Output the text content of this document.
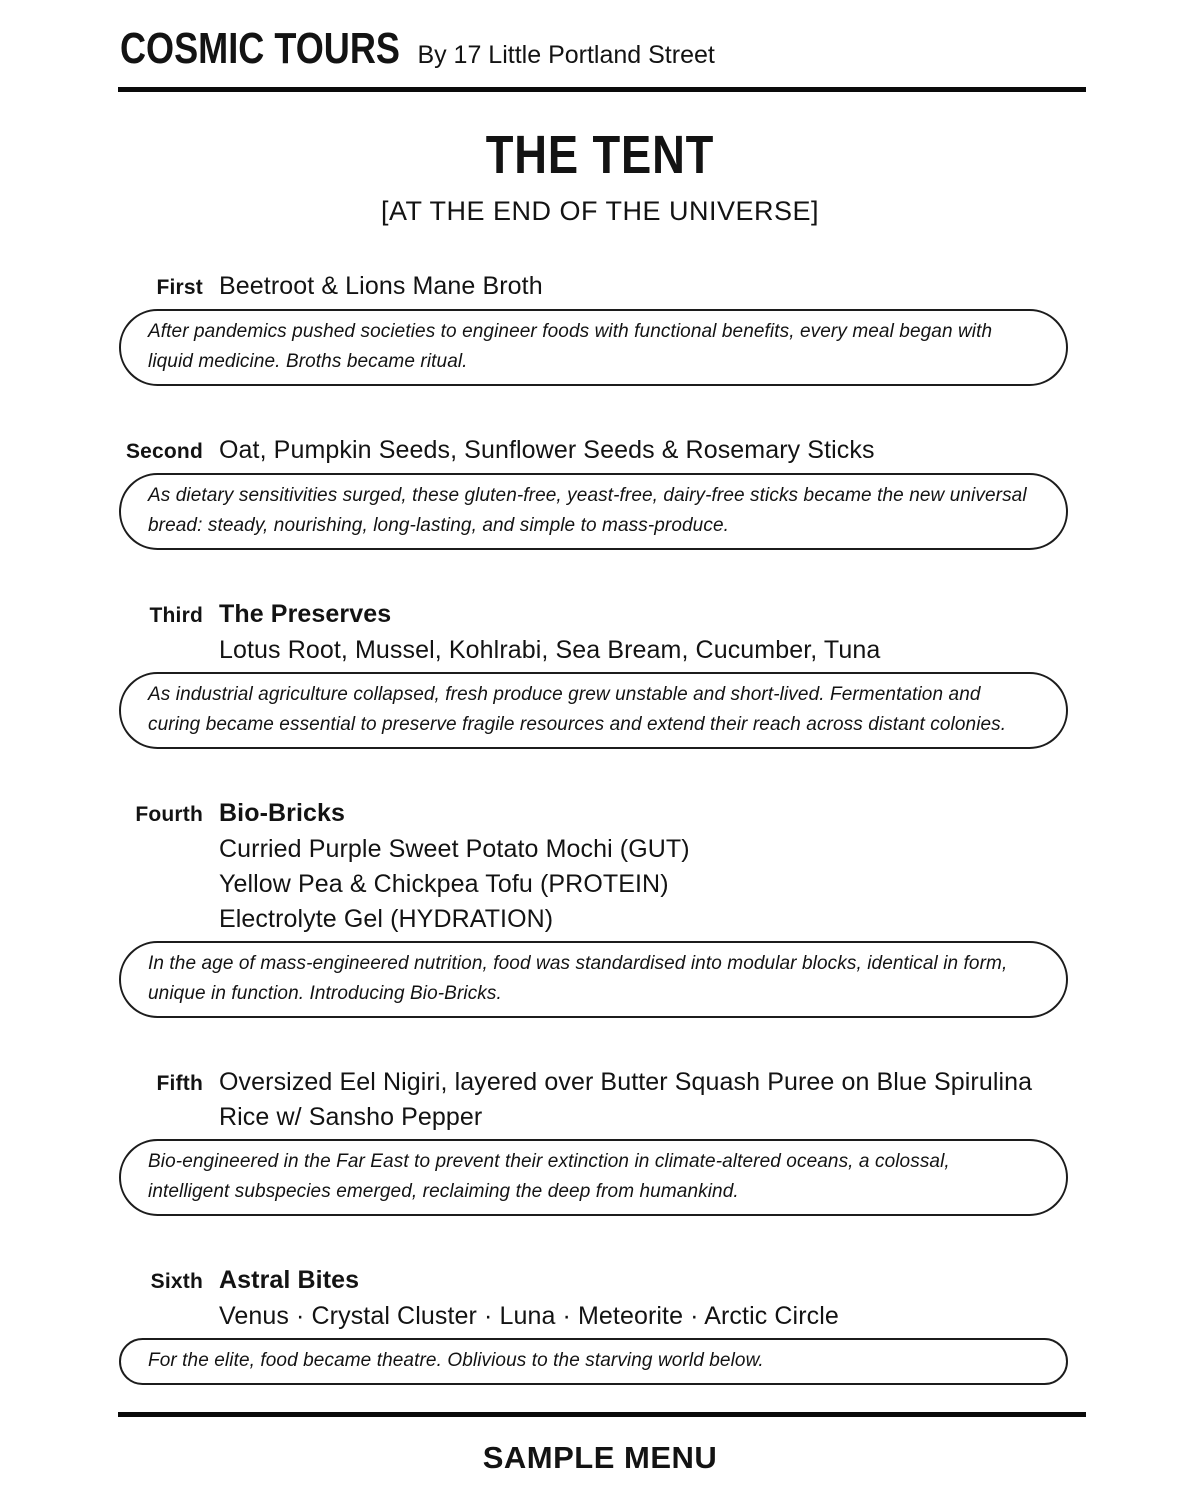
COSMIC TOURS By 17 Little Portland Street
THE TENT
[AT THE END OF THE UNIVERSE]
First Beetroot & Lions Mane Broth
After pandemics pushed societies to engineer foods with functional benefits, every meal began with liquid medicine. Broths became ritual.
Second Oat, Pumpkin Seeds, Sunflower Seeds & Rosemary Sticks
As dietary sensitivities surged, these gluten-free, yeast-free, dairy-free sticks became the new universal bread: steady, nourishing, long-lasting, and simple to mass-produce.
Third The Preserves
Lotus Root, Mussel, Kohlrabi, Sea Bream, Cucumber, Tuna
As industrial agriculture collapsed, fresh produce grew unstable and short-lived. Fermentation and curing became essential to preserve fragile resources and extend their reach across distant colonies.
Fourth Bio-Bricks
Curried Purple Sweet Potato Mochi (GUT)
Yellow Pea & Chickpea Tofu (PROTEIN)
Electrolyte Gel (HYDRATION)
In the age of mass-engineered nutrition, food was standardised into modular blocks, identical in form, unique in function. Introducing Bio-Bricks.
Fifth Oversized Eel Nigiri, layered over Butter Squash Puree on Blue Spirulina Rice w/ Sansho Pepper
Bio-engineered in the Far East to prevent their extinction in climate-altered oceans, a colossal, intelligent subspecies emerged, reclaiming the deep from humankind.
Sixth Astral Bites
Venus · Crystal Cluster · Luna · Meteorite · Arctic Circle
For the elite, food became theatre. Oblivious to the starving world below.
SAMPLE MENU
